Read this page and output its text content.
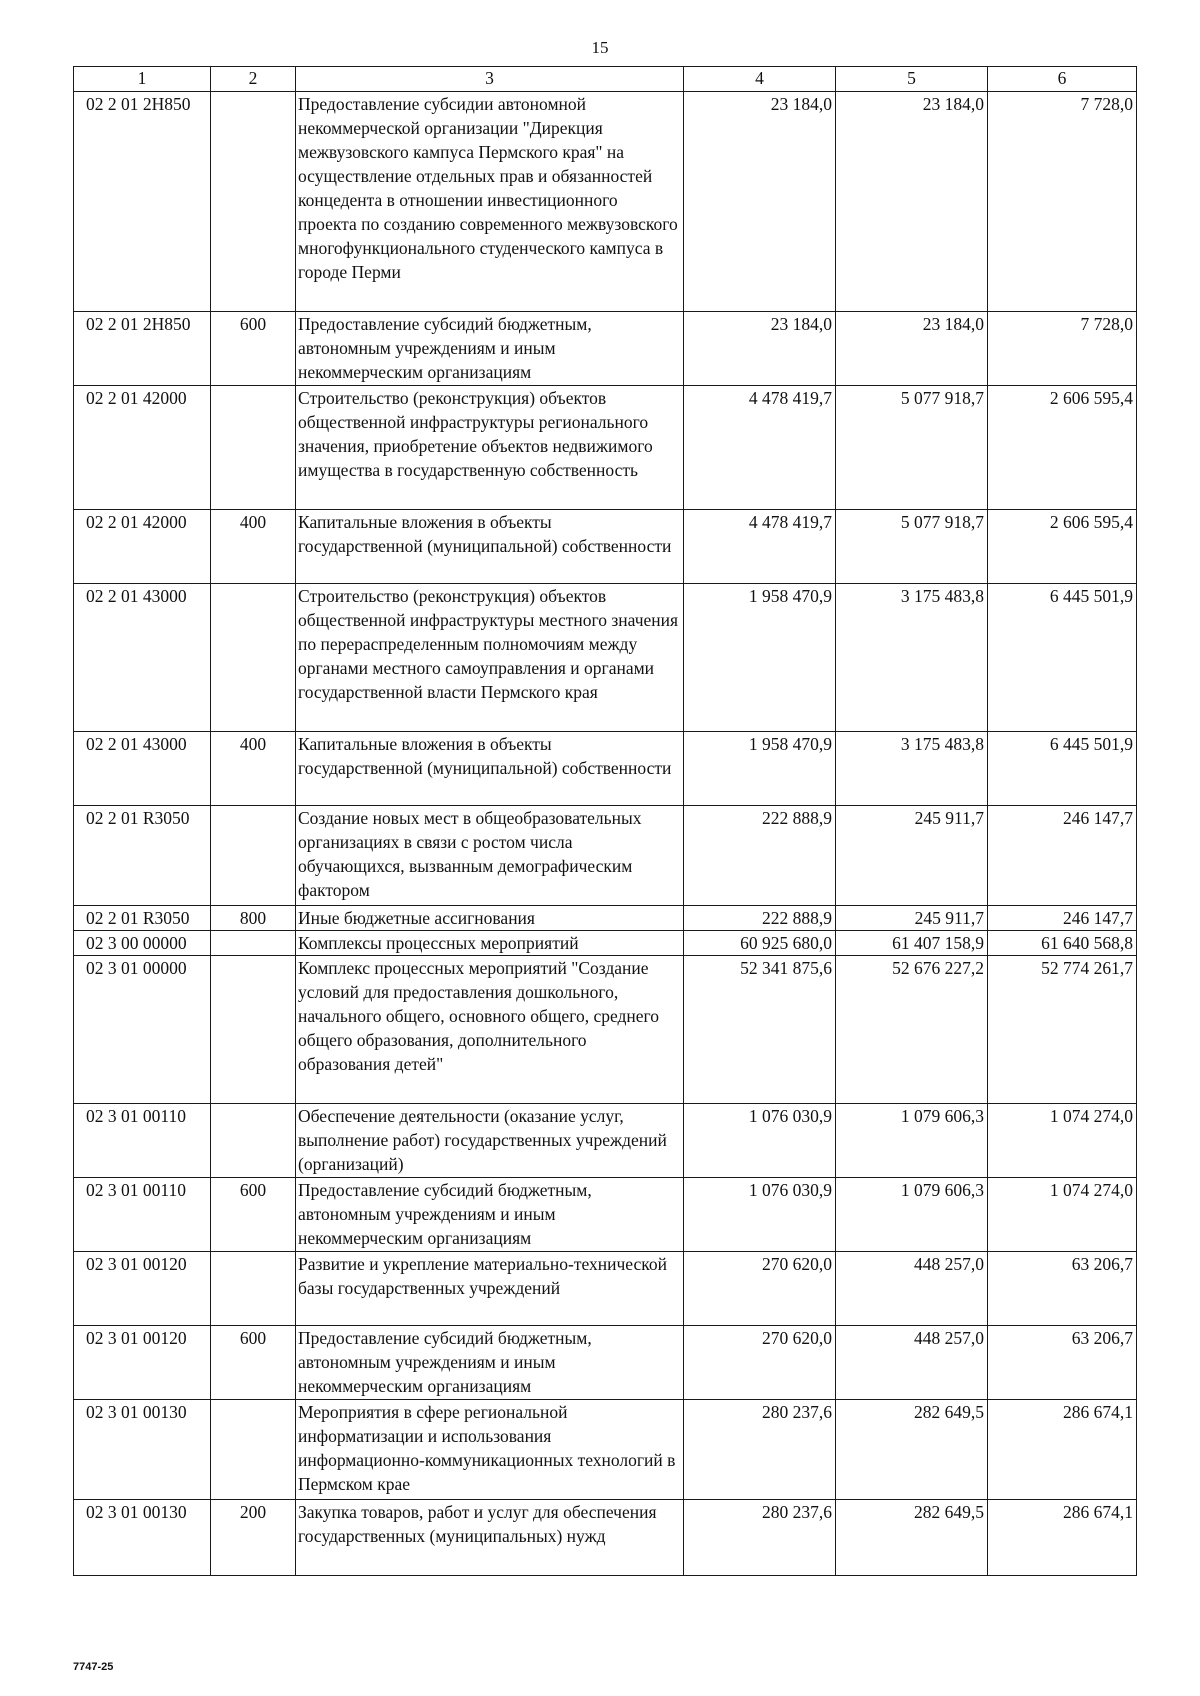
15
1	2	3	4	5	6
02 2 01 2Н850		Предоставление субсидии автономной некоммерческой организации "Дирекция межвузовского кампуса Пермского края" на осуществление отдельных прав и обязанностей концедента в отношении инвестиционного проекта по созданию современного межвузовского многофункционального студенческого кампуса в городе Перми	23 184,0	23 184,0	7 728,0
02 2 01 2Н850	600	Предоставление субсидий бюджетным, автономным учреждениям и иным некоммерческим организациям	23 184,0	23 184,0	7 728,0
02 2 01 42000		Строительство (реконструкция) объектов общественной инфраструктуры регионального значения, приобретение объектов недвижимого имущества в государственную собственность	4 478 419,7	5 077 918,7	2 606 595,4
02 2 01 42000	400	Капитальные вложения в объекты государственной (муниципальной) собственности	4 478 419,7	5 077 918,7	2 606 595,4
02 2 01 43000		Строительство (реконструкция) объектов общественной инфраструктуры местного значения по перераспределенным полномочиям между органами местного самоуправления и органами государственной власти Пермского края	1 958 470,9	3 175 483,8	6 445 501,9
02 2 01 43000	400	Капитальные вложения в объекты государственной (муниципальной) собственности	1 958 470,9	3 175 483,8	6 445 501,9
02 2 01 R3050		Создание новых мест в общеобразовательных организациях в связи с ростом числа обучающихся, вызванным демографическим фактором	222 888,9	245 911,7	246 147,7
02 2 01 R3050	800	Иные бюджетные ассигнования	222 888,9	245 911,7	246 147,7
02 3 00 00000		Комплексы процессных мероприятий	60 925 680,0	61 407 158,9	61 640 568,8
02 3 01 00000		Комплекс процессных мероприятий "Создание условий для предоставления дошкольного, начального общего, основного общего, среднего общего образования, дополнительного образования детей"	52 341 875,6	52 676 227,2	52 774 261,7
02 3 01 00110		Обеспечение деятельности (оказание услуг, выполнение работ) государственных учреждений (организаций)	1 076 030,9	1 079 606,3	1 074 274,0
02 3 01 00110	600	Предоставление субсидий бюджетным, автономным учреждениям и иным некоммерческим организациям	1 076 030,9	1 079 606,3	1 074 274,0
02 3 01 00120		Развитие и укрепление материально-технической базы государственных учреждений	270 620,0	448 257,0	63 206,7
02 3 01 00120	600	Предоставление субсидий бюджетным, автономным учреждениям и иным некоммерческим организациям	270 620,0	448 257,0	63 206,7
02 3 01 00130		Мероприятия в сфере региональной информатизации и использования информационно-коммуникационных технологий в Пермском крае	280 237,6	282 649,5	286 674,1
02 3 01 00130	200	Закупка товаров, работ и услуг для обеспечения государственных (муниципальных) нужд	280 237,6	282 649,5	286 674,1
7747-25
